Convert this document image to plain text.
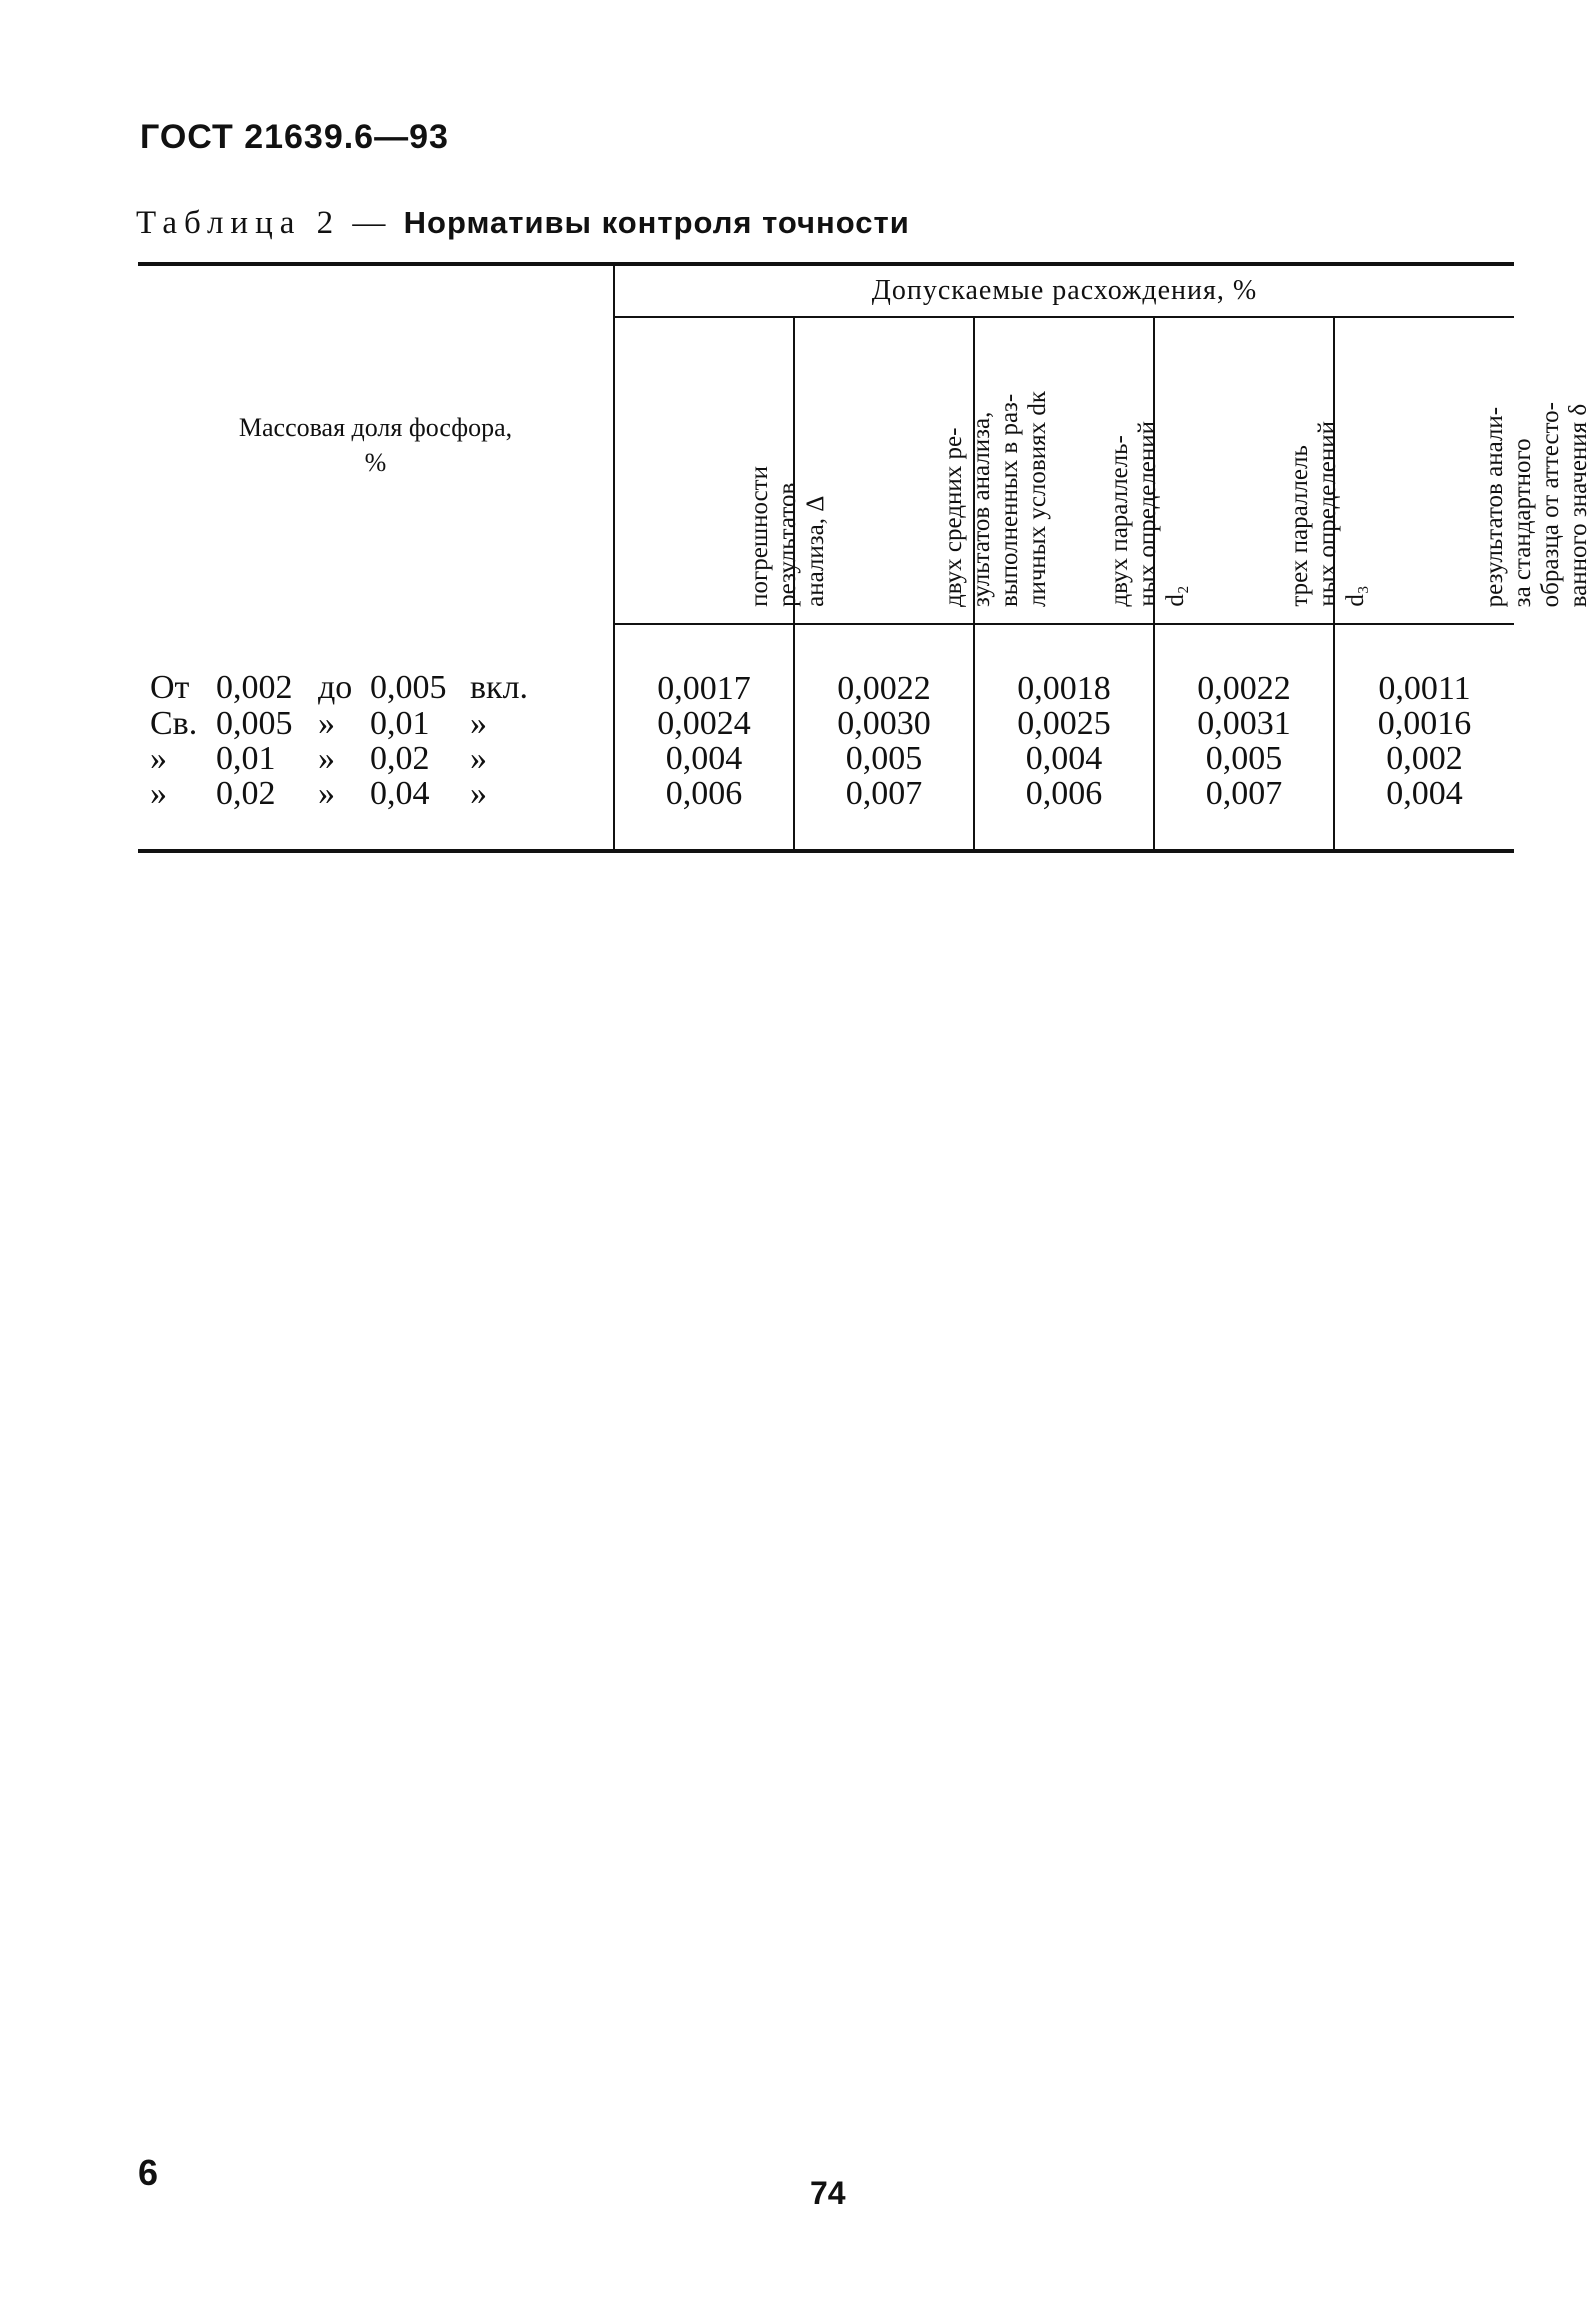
ГОСТ 21639.6—93
Таблица 2 — Нормативы контроля точности
Массовая доля фосфора,
%	Допускаемые расхождения, %				

	погрешности результатов анализа, Δ	двух средних ре- зультатов анализа, выполненных в раз- личных условиях dк	двух параллель- ных определений d₂	трех параллель ных определений d₃	результатов анали- за стандартного образца от аттесто- ванного значения δ

От 0,002 до 0,005 вкл.	0,0017	0,0022	0,0018	0,0022	0,0011
Св. 0,005 » 0,01 »	0,0024	0,0030	0,0025	0,0031	0,0016
» 0,01 » 0,02 »	0,004	0,005	0,004	0,005	0,002
» 0,02 » 0,04 »	0,006	0,007	0,006	0,007	0,004
6	74
